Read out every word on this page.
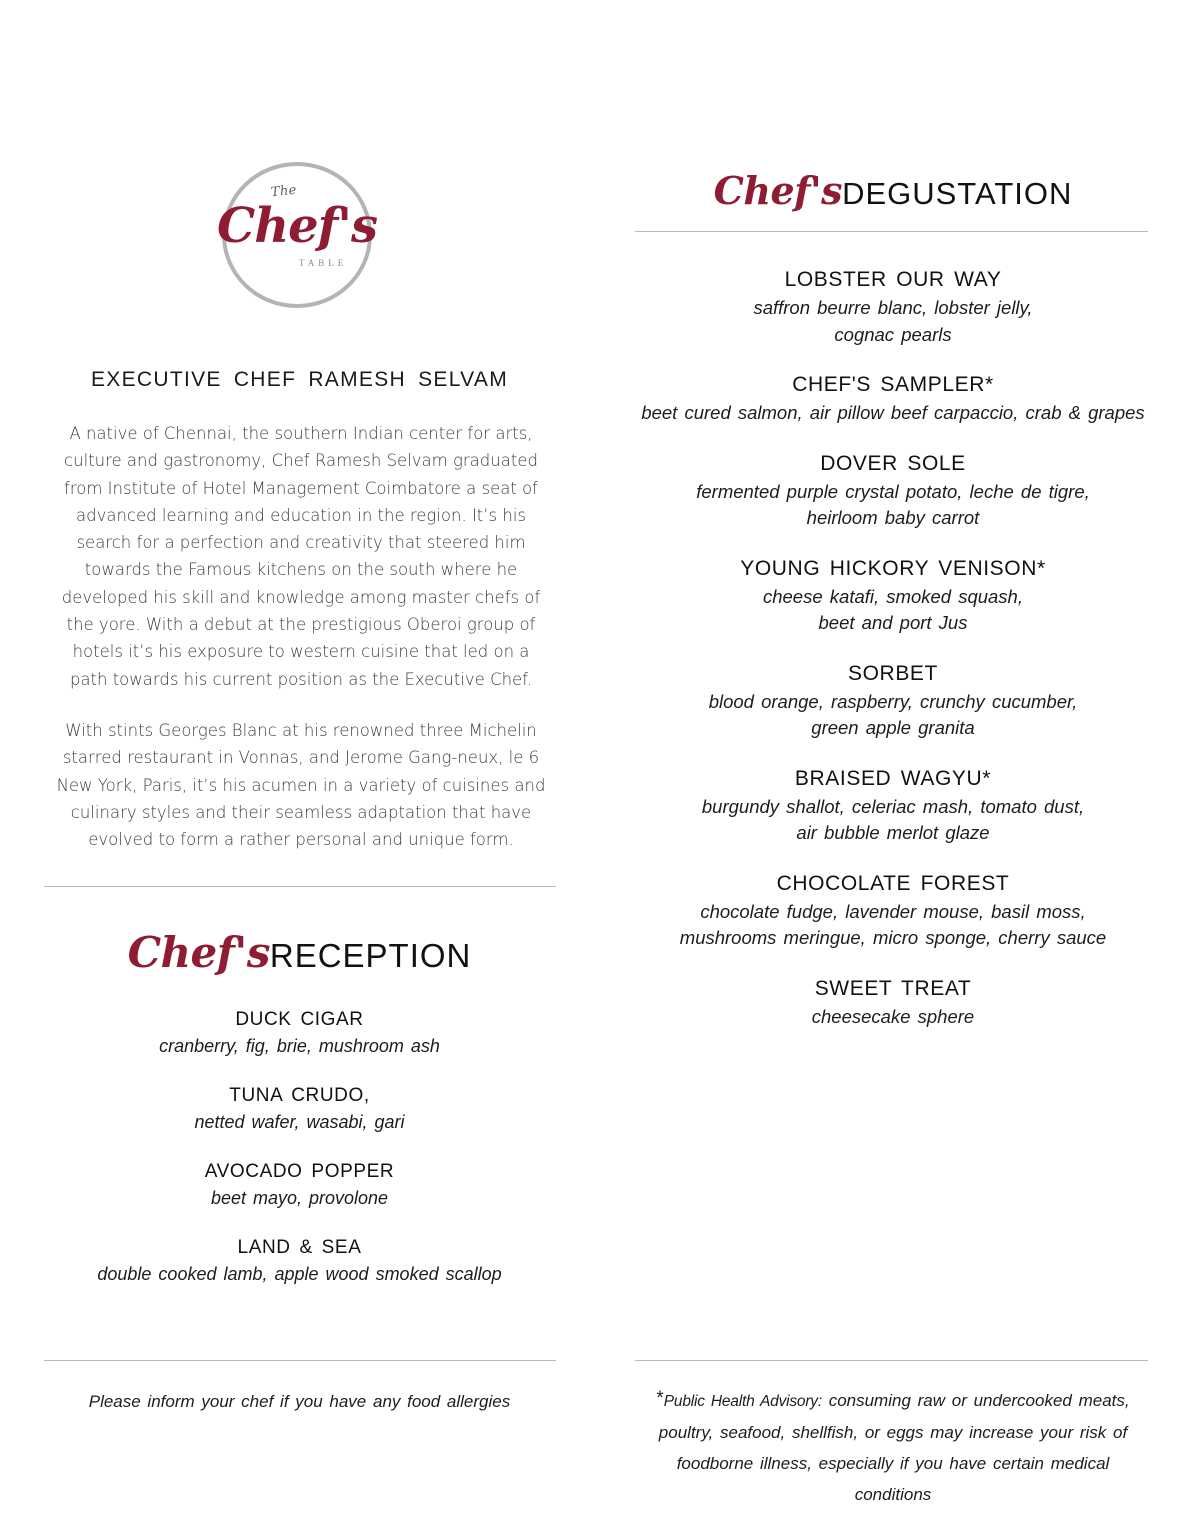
The
Chef's
TABLE
EXECUTIVE CHEF RAMESH SELVAM

A native of Chennai, the southern Indian center for arts, culture and gastronomy, Chef Ramesh Selvam graduated from Institute of Hotel Management Coimbatore a seat of advanced learning and education in the region. It’s his search for a perfection and creativity that steered him towards the Famous kitchens on the south where he developed his skill and knowledge among master chefs of the yore. With a debut at the prestigious Oberoi group of hotels it’s his exposure to western cuisine that led on a path towards his current position as the Executive Chef.

With stints Georges Blanc at his renowned three Michelin starred restaurant in Vonnas, and Jerome Gang-neux, le 6 New York, Paris, it’s his acumen in a variety of cuisines and culinary styles and their seamless adaptation that have evolved to form a rather personal and unique form.

Chef'sRECEPTION
DUCK CIGAR
cranberry, fig, brie, mushroom ash
TUNA CRUDO,
netted wafer, wasabi, gari
AVOCADO POPPER
beet mayo, provolone
LAND & SEA
double cooked lamb, apple wood smoked scallop
Please inform your chef if you have any food allergies
Chef'sDEGUSTATION
LOBSTER OUR WAY
saffron beurre blanc, lobster jelly,
cognac pearls
CHEF'S SAMPLER*
beet cured salmon, air pillow beef carpaccio, crab & grapes
DOVER SOLE
fermented purple crystal potato, leche de tigre,
heirloom baby carrot
YOUNG HICKORY VENISON*
cheese katafi, smoked squash,
beet and port Jus
SORBET
blood orange, raspberry, crunchy cucumber,
green apple granita
BRAISED WAGYU*
burgundy shallot, celeriac mash, tomato dust,
air bubble merlot glaze
CHOCOLATE FOREST
chocolate fudge, lavender mouse, basil moss,
mushrooms meringue, micro sponge, cherry sauce
SWEET TREAT
cheesecake sphere
*Public Health Advisory: consuming raw or undercooked meats, poultry, seafood, shellfish, or eggs may increase your risk of foodborne illness, especially if you have certain medical conditions
